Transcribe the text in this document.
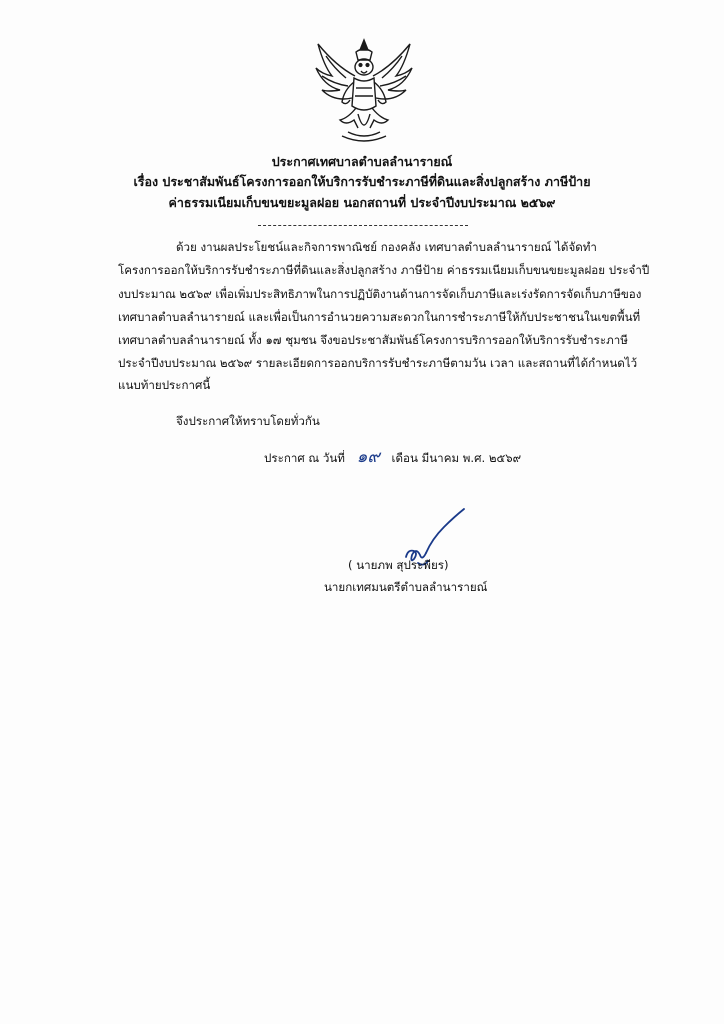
ประกาศเทศบาลตำบลลำนารายณ์
เรื่อง ประชาสัมพันธ์โครงการออกให้บริการรับชำระภาษีที่ดินและสิ่งปลูกสร้าง ภาษีป้าย
ค่าธรรมเนียมเก็บขนขยะมูลฝอย นอกสถานที่ ประจำปีงบประมาณ ๒๕๖๙
ด้วย งานผลประโยชน์และกิจการพาณิชย์ กองคลัง เทศบาลตำบลลำนารายณ์ ได้จัดทำ
โครงการออกให้บริการรับชำระภาษีที่ดินและสิ่งปลูกสร้าง ภาษีป้าย ค่าธรรมเนียมเก็บขนขยะมูลฝอย ประจำปี
งบประมาณ ๒๕๖๙ เพื่อเพิ่มประสิทธิภาพในการปฏิบัติงานด้านการจัดเก็บภาษีและเร่งรัดการจัดเก็บภาษีของ
เทศบาลตำบลลำนารายณ์ และเพื่อเป็นการอำนวยความสะดวกในการชำระภาษีให้กับประชาชนในเขตพื้นที่
เทศบาลตำบลลำนารายณ์ ทั้ง ๑๗ ชุมชน จึงขอประชาสัมพันธ์โครงการบริการออกให้บริการรับชำระภาษี
ประจำปีงบประมาณ ๒๕๖๙ รายละเอียดการออกบริการรับชำระภาษีตามวัน เวลา และสถานที่ได้กำหนดไว้
แนบท้ายประกาศนี้
จึงประกาศให้ทราบโดยทั่วกัน
ประกาศ ณ วันที่ ๑๙ เดือน มีนาคม พ.ศ. ๒๕๖๙
( นายภพ สุประพียร)
นายกเทศมนตรีตำบลลำนารายณ์
